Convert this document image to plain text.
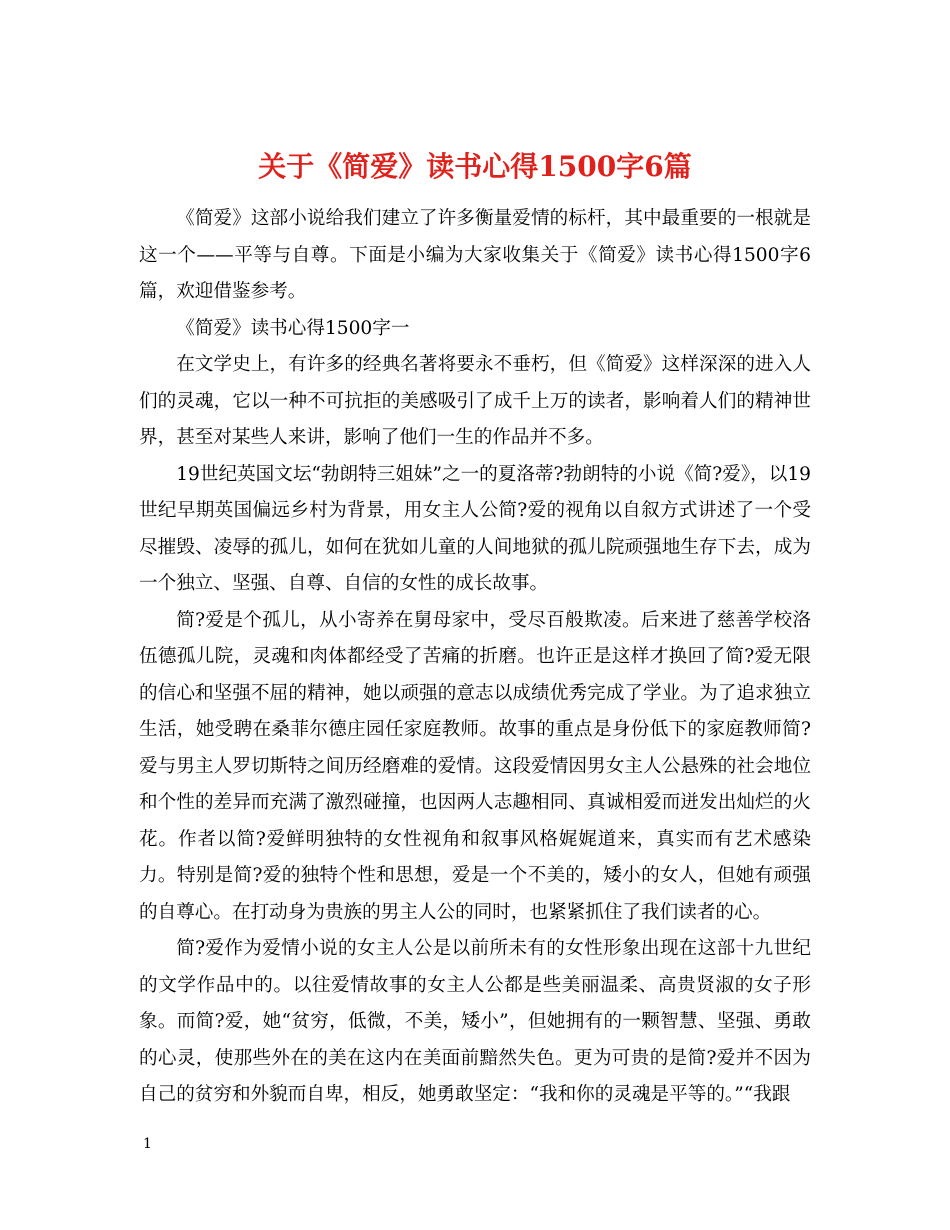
关于《简爱》读书心得1500字6篇

《简爱》这部小说给我们建立了许多衡量爱情的标杆，其中最重要的一根就是这一个——平等与自尊。下面是小编为大家收集关于《简爱》读书心得1500字6篇，欢迎借鉴参考。

《简爱》读书心得1500字一

在文学史上，有许多的经典名著将要永不垂朽，但《简爱》这样深深的进入人们的灵魂，它以一种不可抗拒的美感吸引了成千上万的读者，影响着人们的精神世界，甚至对某些人来讲，影响了他们一生的作品并不多。

19世纪英国文坛“勃朗特三姐妹”之一的夏洛蒂?勃朗特的小说《简?爱》，以19世纪早期英国偏远乡村为背景，用女主人公简?爱的视角以自叙方式讲述了一个受尽摧毁、凌辱的孤儿，如何在犹如儿童的人间地狱的孤儿院顽强地生存下去，成为一个独立、坚强、自尊、自信的女性的成长故事。

简?爱是个孤儿，从小寄养在舅母家中，受尽百般欺凌。后来进了慈善学校洛伍德孤儿院，灵魂和肉体都经受了苦痛的折磨。也许正是这样才换回了简?爱无限的信心和坚强不屈的精神，她以顽强的意志以成绩优秀完成了学业。为了追求独立生活，她受聘在桑菲尔德庄园任家庭教师。故事的重点是身份低下的家庭教师简?爱与男主人罗切斯特之间历经磨难的爱情。这段爱情因男女主人公悬殊的社会地位和个性的差异而充满了激烈碰撞，也因两人志趣相同、真诚相爱而迸发出灿烂的火花。作者以简?爱鲜明独特的女性视角和叙事风格娓娓道来，真实而有艺术感染力。特别是简?爱的独特个性和思想，爱是一个不美的，矮小的女人，但她有顽强的自尊心。在打动身为贵族的男主人公的同时，也紧紧抓住了我们读者的心。

简?爱作为爱情小说的女主人公是以前所未有的女性形象出现在这部十九世纪的文学作品中的。以往爱情故事的女主人公都是些美丽温柔、高贵贤淑的女子形象。而简?爱，她“贫穷，低微，不美，矮小”，但她拥有的一颗智慧、坚强、勇敢的心灵，使那些外在的美在这内在美面前黯然失色。更为可贵的是简?爱并不因为自己的贫穷和外貌而自卑，相反，她勇敢坚定：“我和你的灵魂是平等的。”“我跟

1
